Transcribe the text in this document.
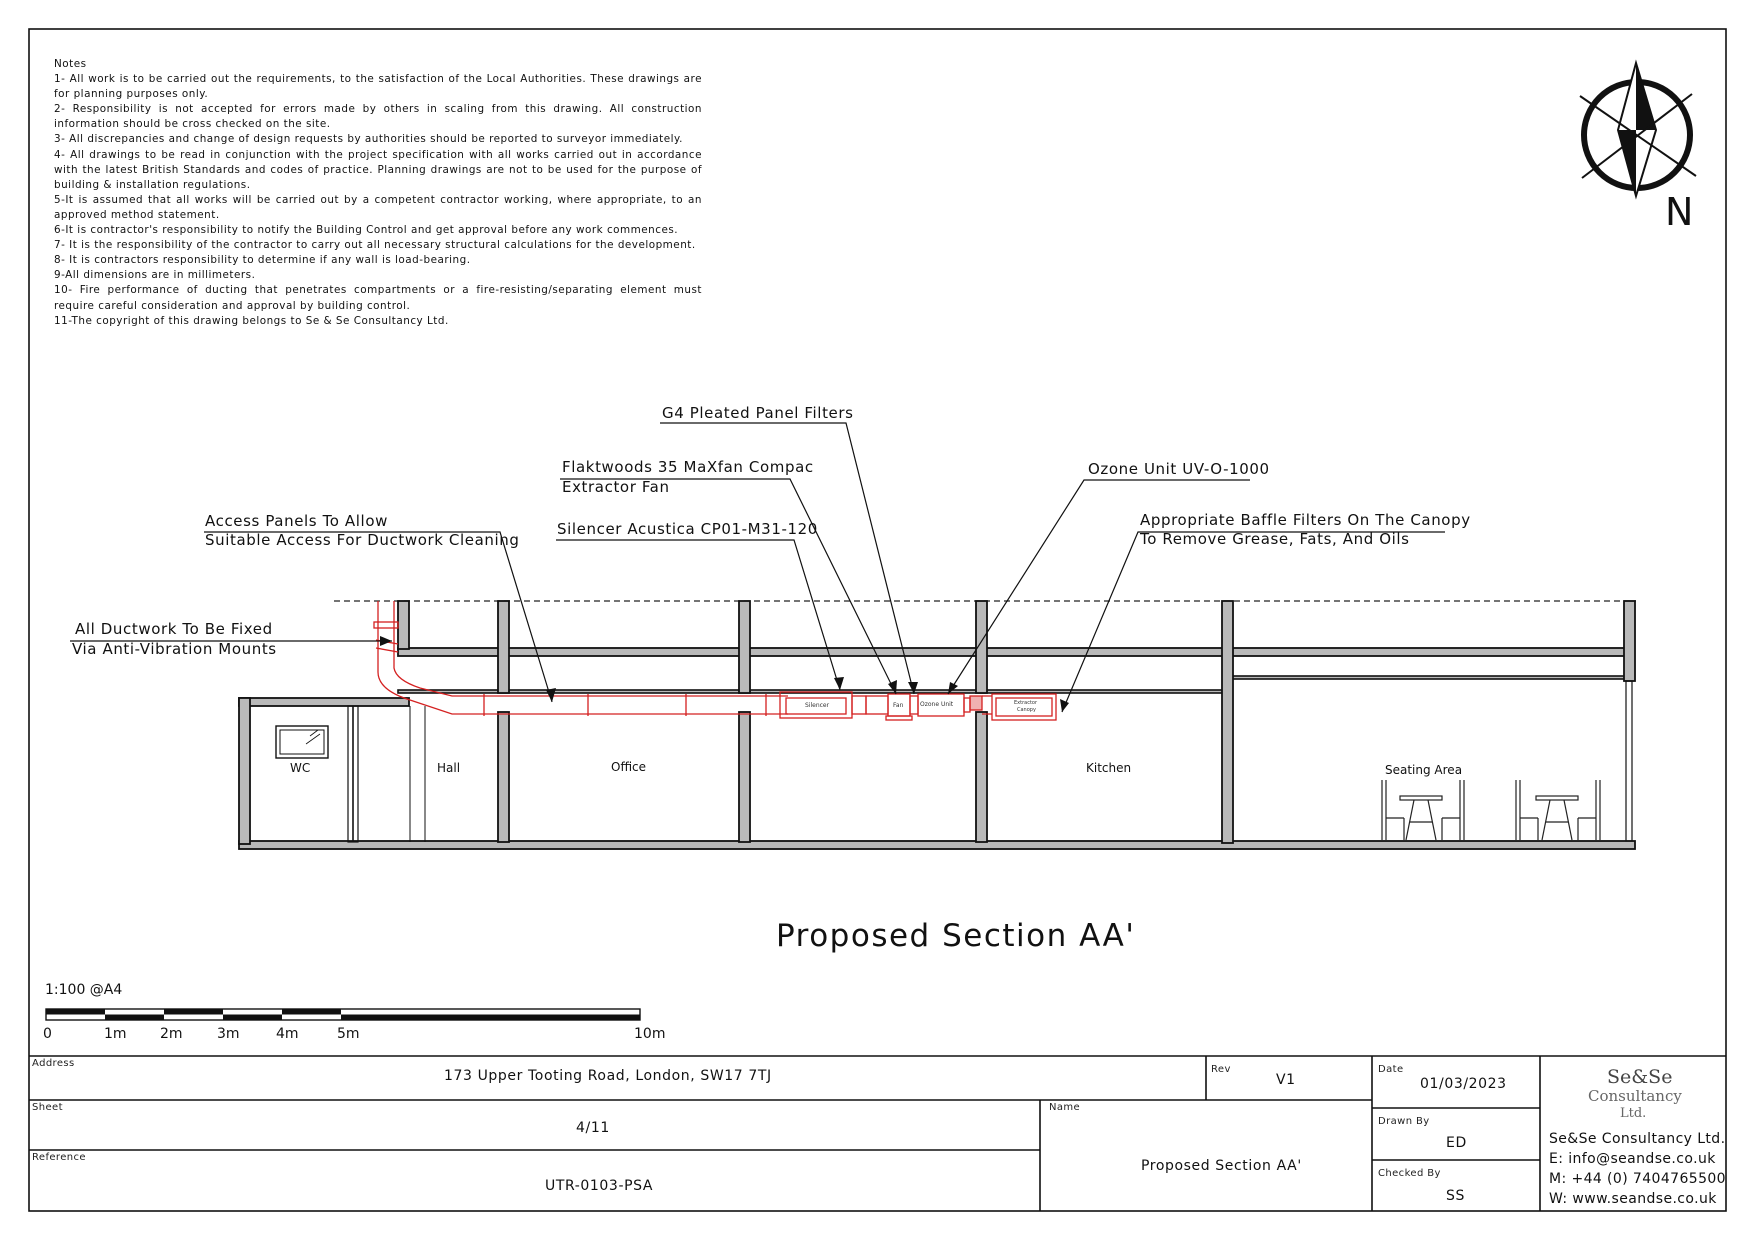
Notes
1- All work is to be carried out the requirements, to the satisfaction of the Local Authorities. These drawings are for planning purposes only.
2- Responsibility is not accepted for errors made by others in scaling from this drawing. All construction information should be cross checked on the site.
3- All discrepancies and change of design requests by authorities should be reported to surveyor immediately.
4- All drawings to be read in conjunction with the project specification with all works carried out in accordance with the latest British Standards and codes of practice. Planning drawings are not to be used for the purpose of building & installation regulations.
5-It is assumed that all works will be carried out by a competent contractor working, where appropriate, to an approved method statement.
6-It is contractor's responsibility to notify the Building Control and get approval before any work commences.
7- It is the responsibility of the contractor to carry out all necessary structural calculations for the development.
8- It is contractors responsibility to determine if any wall is load-bearing.
9-All dimensions are in millimeters.
10- Fire performance of ducting that penetrates compartments or a fire-resisting/separating element must require careful consideration and approval by building control.
11-The copyright of this drawing belongs to Se & Se Consultancy Ltd.
N
G4 Pleated Panel Filters
Flaktwoods 35 MaXfan Compac
Extractor Fan
Ozone Unit UV-O-1000
Access Panels To Allow
Suitable Access For Ductwork Cleaning
Silencer Acustica CP01-M31-120	Appropriate Baffle Filters On The Canopy
To Remove Grease, Fats, And Oils
All Ductwork To Be Fixed
Via Anti-Vibration Mounts
WC	Hall	Office	Kitchen	Seating Area
Silencer	Fan	Ozone Unit	Extractor
Canopy
Proposed Section AA'
1:100 @A4
0	1m 2m 3m	4m	5m	10m
Address
173 Upper Tooting Road, London, SW17 7TJ	Rev
V1
Date
01/03/2023
Sheet
4/11
Name
Proposed Section AA'
Drawn By
ED
Reference
UTR-0103-PSA
Checked By
SS
Se&Se
Consultancy
Ltd.
Se&Se Consultancy Ltd.
E: info@seandse.co.uk
M: +44 (0) 7404765500
W: www.seandse.co.uk
